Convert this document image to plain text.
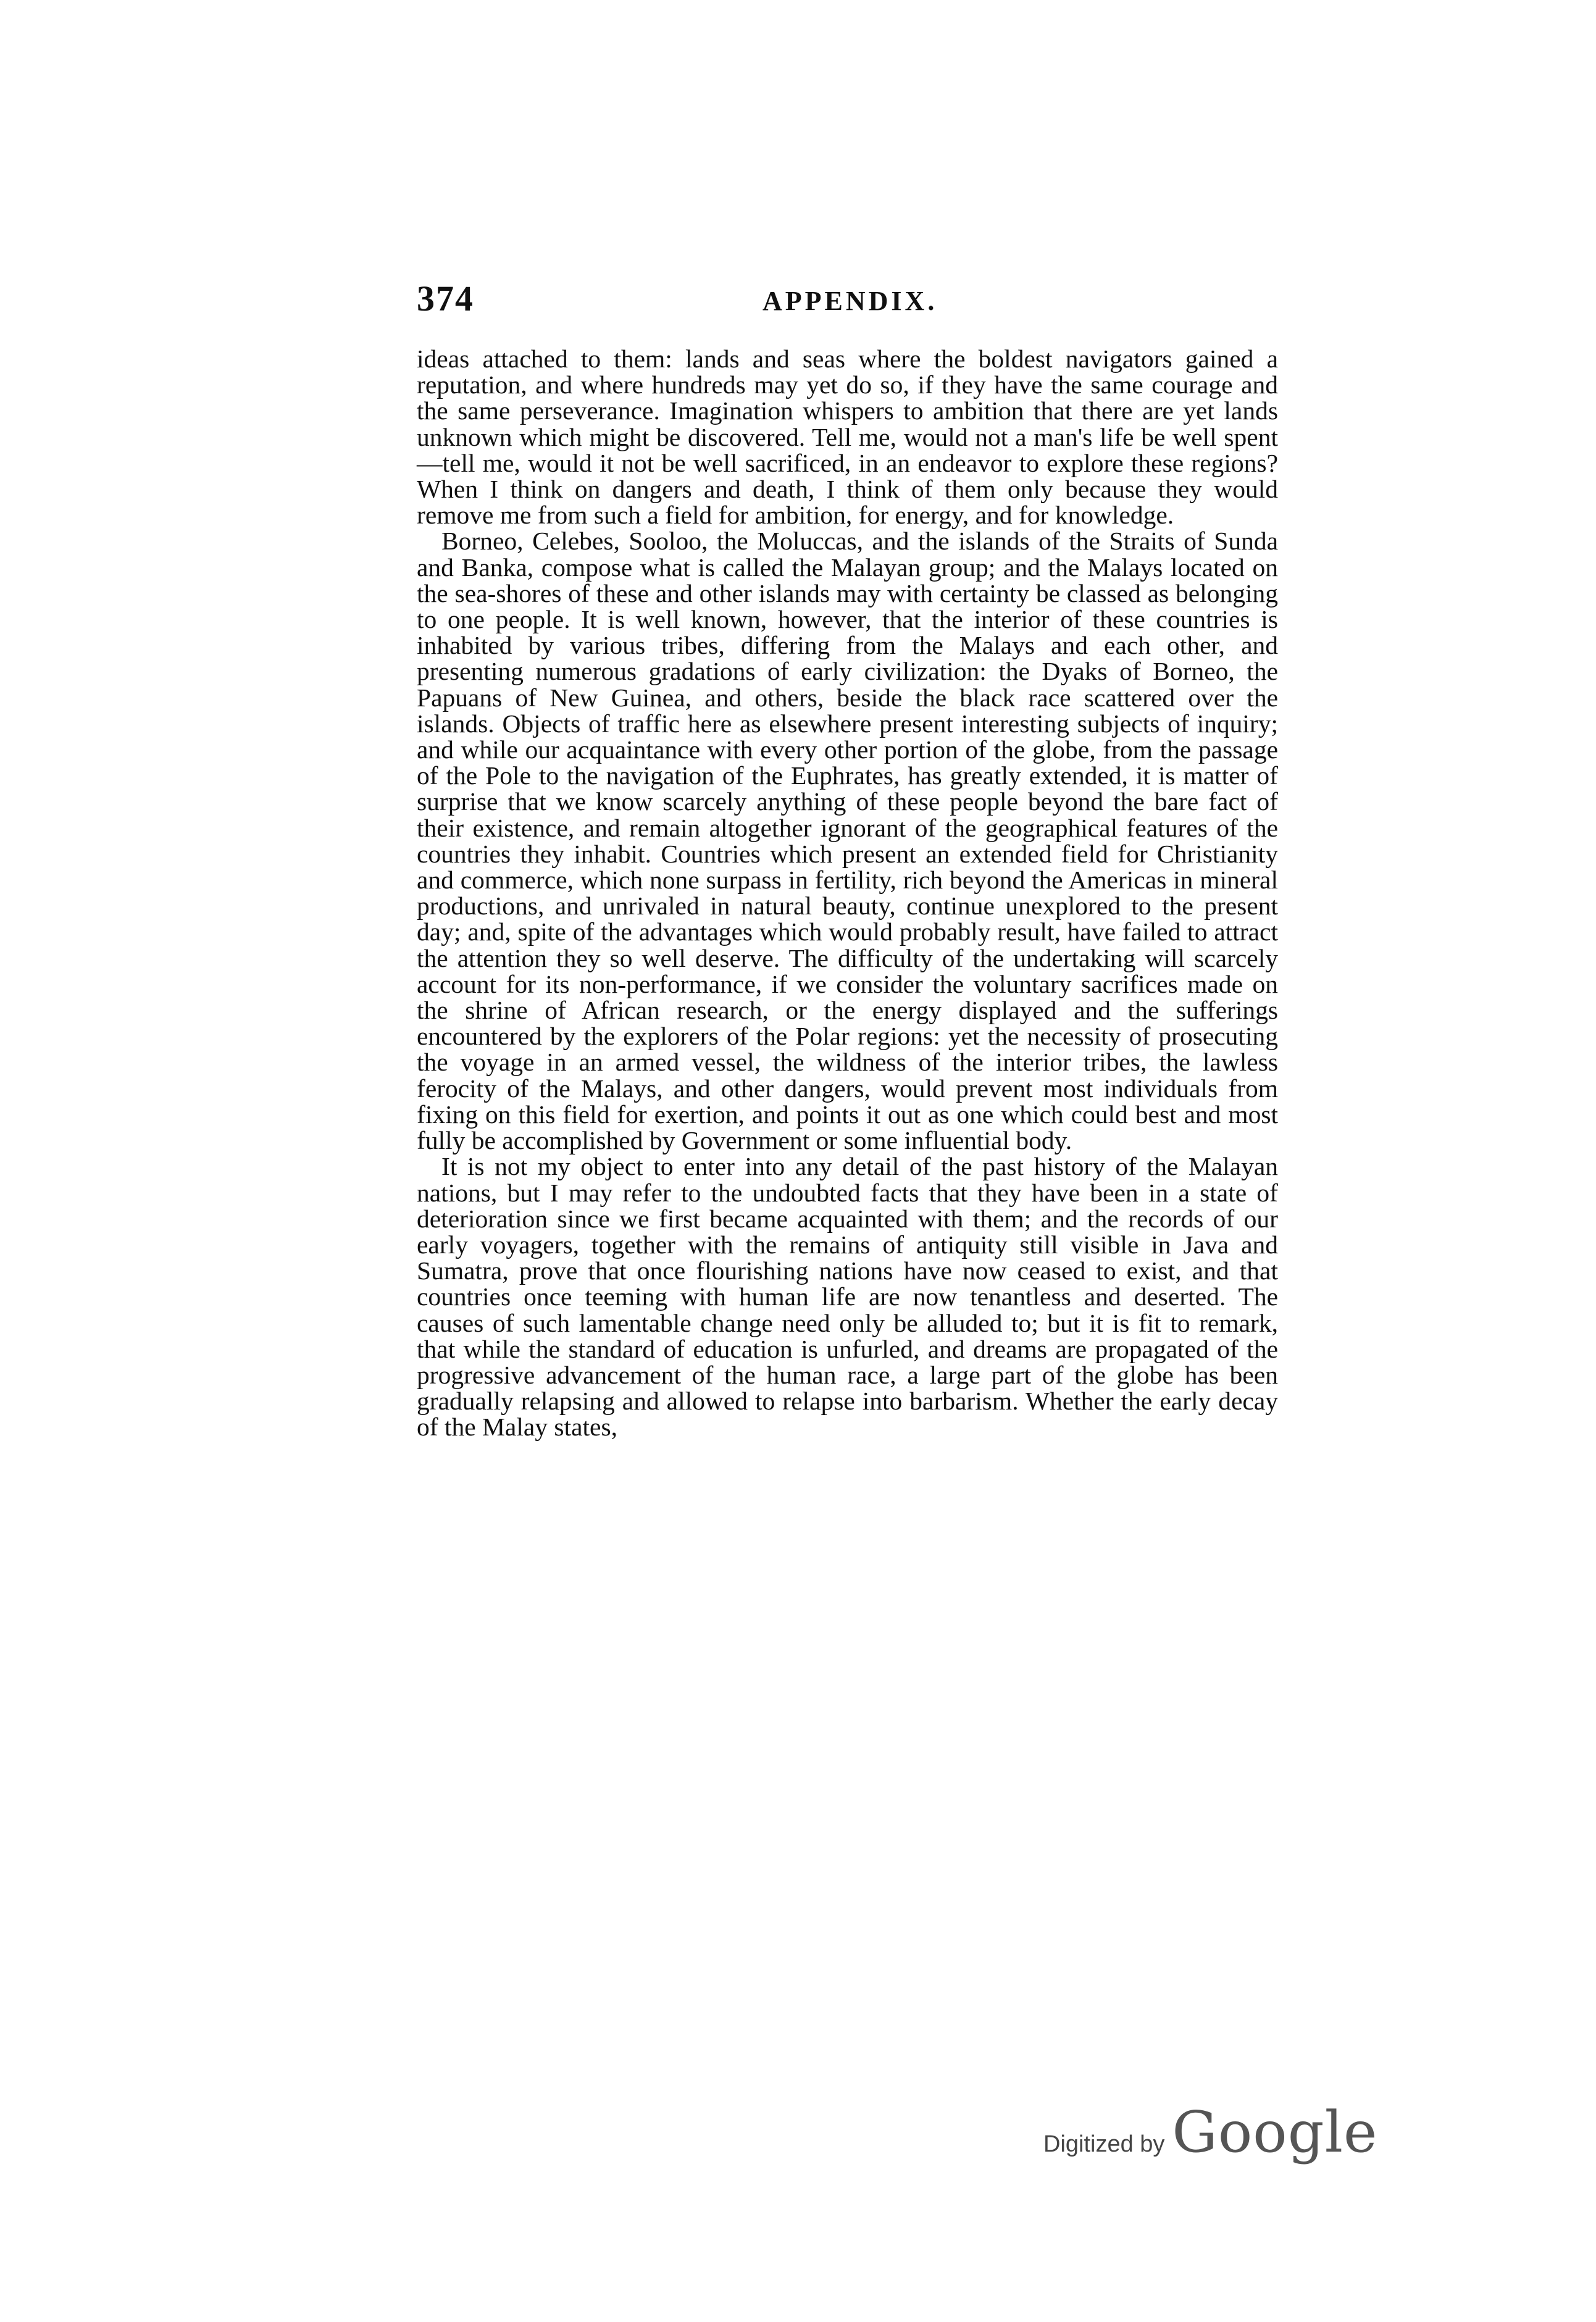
374	APPENDIX.

ideas attached to them: lands and seas where the boldest navigators gained a reputation, and where hundreds may yet do so, if they have the same courage and the same perseverance. Imagination whispers to ambition that there are yet lands unknown which might be discovered. Tell me, would not a man's life be well spent—tell me, would it not be well sacrificed, in an endeavor to explore these regions? When I think on dangers and death, I think of them only because they would remove me from such a field for ambition, for energy, and for knowledge.

Borneo, Celebes, Sooloo, the Moluccas, and the islands of the Straits of Sunda and Banka, compose what is called the Malayan group; and the Malays located on the sea-shores of these and other islands may with certainty be classed as belonging to one people. It is well known, however, that the interior of these countries is inhabited by various tribes, differing from the Malays and each other, and presenting numerous gradations of early civilization: the Dyaks of Borneo, the Papuans of New Guinea, and others, beside the black race scattered over the islands. Objects of traffic here as elsewhere present interesting subjects of inquiry; and while our acquaintance with every other portion of the globe, from the passage of the Pole to the navigation of the Euphrates, has greatly extended, it is matter of surprise that we know scarcely anything of these people beyond the bare fact of their existence, and remain altogether ignorant of the geographical features of the countries they inhabit. Countries which present an extended field for Christianity and commerce, which none surpass in fertility, rich beyond the Americas in mineral productions, and unrivaled in natural beauty, continue unexplored to the present day; and, spite of the advantages which would probably result, have failed to attract the attention they so well deserve. The difficulty of the undertaking will scarcely account for its non-performance, if we consider the voluntary sacrifices made on the shrine of African research, or the energy displayed and the sufferings encountered by the explorers of the Polar regions: yet the necessity of prosecuting the voyage in an armed vessel, the wildness of the interior tribes, the lawless ferocity of the Malays, and other dangers, would prevent most individuals from fixing on this field for exertion, and points it out as one which could best and most fully be accomplished by Government or some influential body.

It is not my object to enter into any detail of the past history of the Malayan nations, but I may refer to the undoubted facts that they have been in a state of deterioration since we first became acquainted with them; and the records of our early voyagers, together with the remains of antiquity still visible in Java and Sumatra, prove that once flourishing nations have now ceased to exist, and that countries once teeming with human life are now tenantless and deserted. The causes of such lamentable change need only be alluded to; but it is fit to remark, that while the standard of education is unfurled, and dreams are propagated of the progressive advancement of the human race, a large part of the globe has been gradually relapsing and allowed to relapse into barbarism. Whether the early decay of the Malay states,

Digitized by Google
